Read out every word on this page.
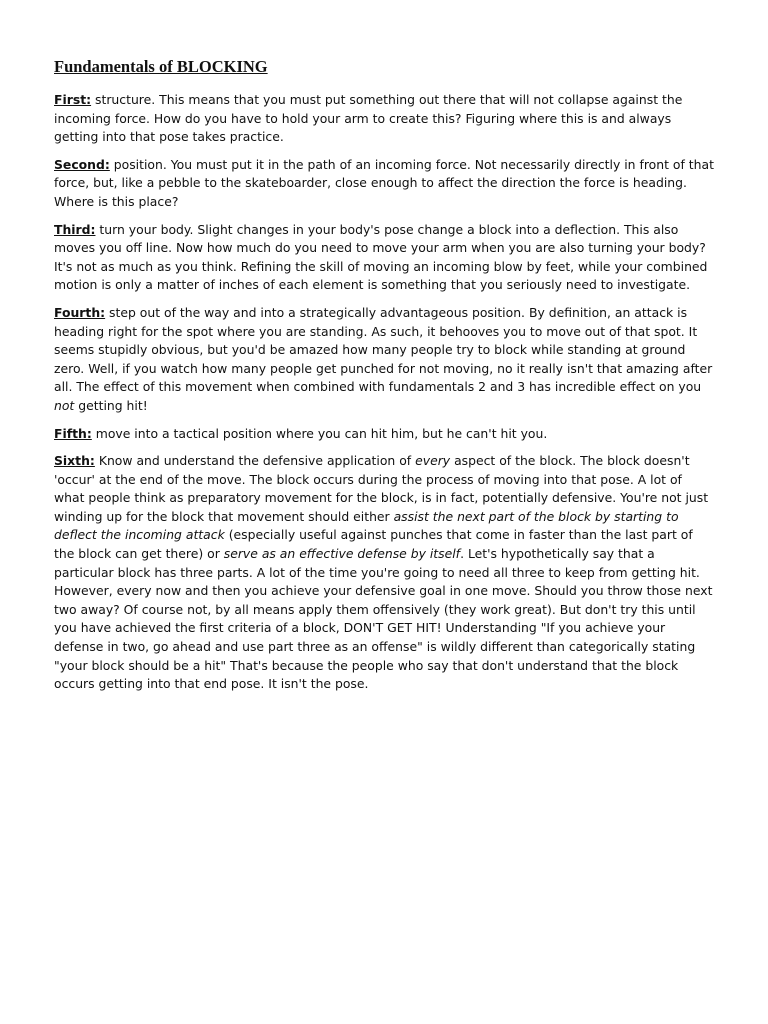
Fundamentals of BLOCKING

First: structure. This means that you must put something out there that will not collapse against the incoming force. How do you have to hold your arm to create this? Figuring where this is and always getting into that pose takes practice.

Second: position. You must put it in the path of an incoming force. Not necessarily directly in front of that force, but, like a pebble to the skateboarder, close enough to affect the direction the force is heading. Where is this place?

Third: turn your body. Slight changes in your body's pose change a block into a deflection. This also moves you off line. Now how much do you need to move your arm when you are also turning your body? It's not as much as you think. Refining the skill of moving an incoming blow by feet, while your combined motion is only a matter of inches of each element is something that you seriously need to investigate.

Fourth: step out of the way and into a strategically advantageous position. By definition, an attack is heading right for the spot where you are standing. As such, it behooves you to move out of that spot. It seems stupidly obvious, but you'd be amazed how many people try to block while standing at ground zero. Well, if you watch how many people get punched for not moving, no it really isn't that amazing after all. The effect of this movement when combined with fundamentals 2 and 3 has incredible effect on you not getting hit!

Fifth: move into a tactical position where you can hit him, but he can't hit you.

Sixth: Know and understand the defensive application of every aspect of the block. The block doesn't 'occur' at the end of the move. The block occurs during the process of moving into that pose. A lot of what people think as preparatory movement for the block, is in fact, potentially defensive. You're not just winding up for the block that movement should either assist the next part of the block by starting to deflect the incoming attack (especially useful against punches that come in faster than the last part of the block can get there) or serve as an effective defense by itself. Let's hypothetically say that a particular block has three parts. A lot of the time you're going to need all three to keep from getting hit. However, every now and then you achieve your defensive goal in one move. Should you throw those next two away? Of course not, by all means apply them offensively (they work great). But don't try this until you have achieved the first criteria of a block, DON'T GET HIT! Understanding "If you achieve your defense in two, go ahead and use part three as an offense" is wildly different than categorically stating "your block should be a hit" That's because the people who say that don't understand that the block occurs getting into that end pose. It isn't the pose.
